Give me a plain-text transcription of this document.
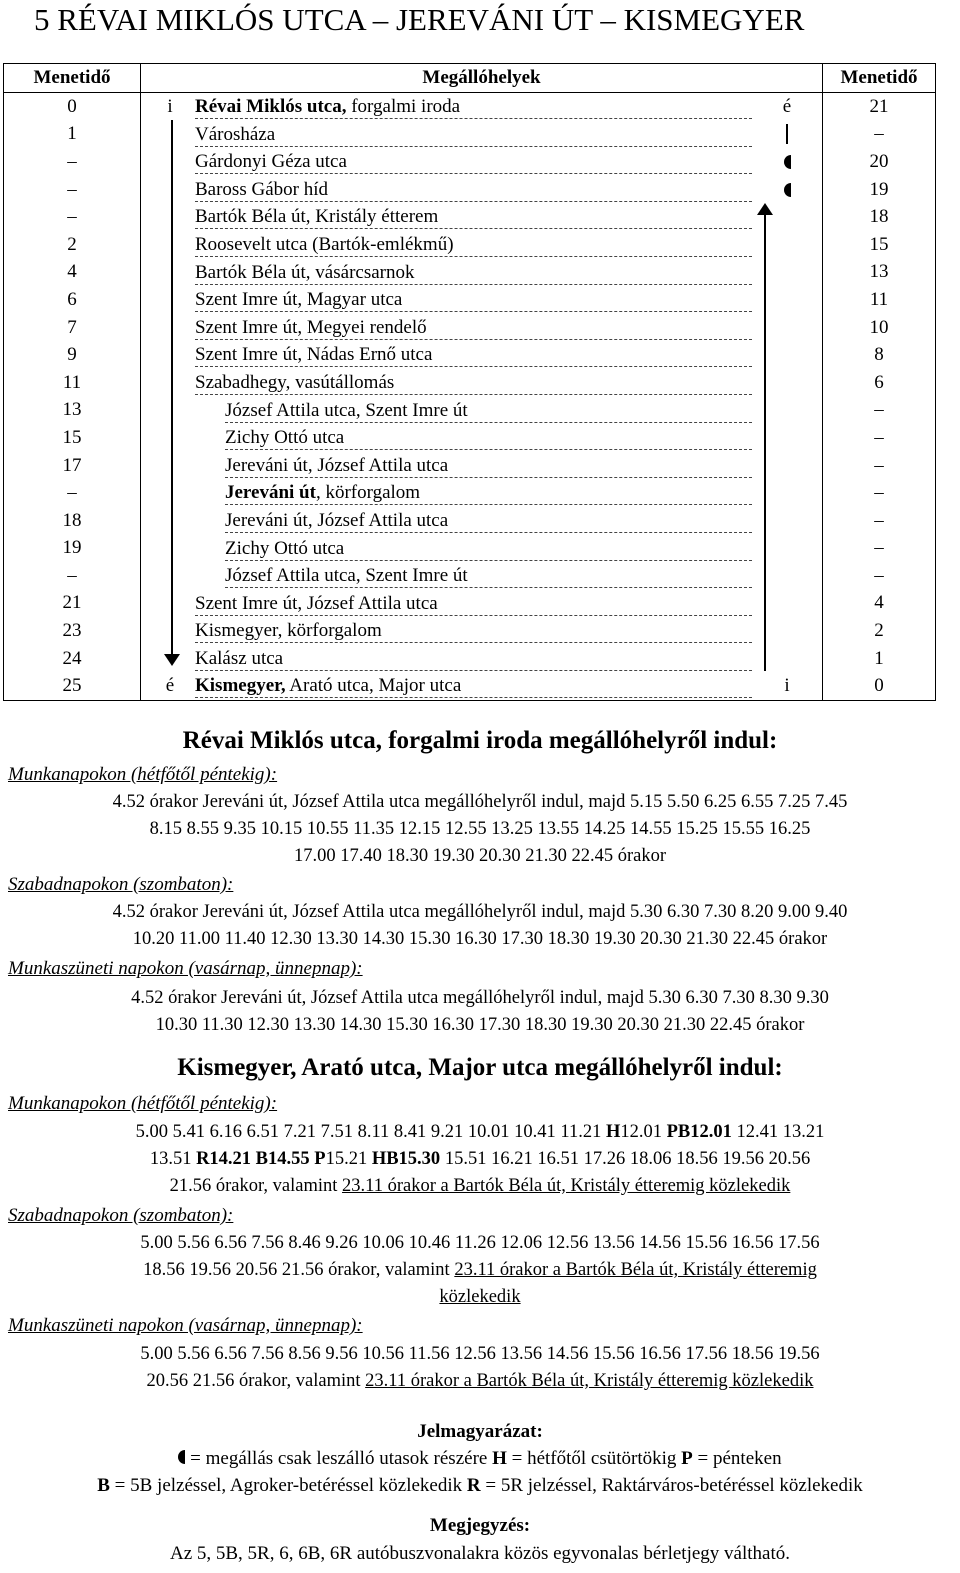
5 RÉVAI MIKLÓS UTCA – JEREVÁNI ÚT – KISMEGYER
Menetidő	Megállóhelyek	Menetidő
0	i Révai Miklós utca, forgalmi iroda é	21
1	Városháza	–
–	Gárdonyi Géza utca	20
–	Baross Gábor híd	19
–	Bartók Béla út, Kristály étterem	18
2	Roosevelt utca (Bartók-emlékmű)	15
4	Bartók Béla út, vásárcsarnok	13
6	Szent Imre út, Magyar utca	11
7	Szent Imre út, Megyei rendelő	10
9	Szent Imre út, Nádas Ernő utca	8
11	Szabadhegy, vasútállomás	6
13	József Attila utca, Szent Imre út	–
15	Zichy Ottó utca	–
17	Jereváni út, József Attila utca	–
–	Jereváni út, körforgalom	–
18	Jereváni út, József Attila utca	–
19	Zichy Ottó utca	–
–	József Attila utca, Szent Imre út	–
21	Szent Imre út, József Attila utca	4
23	Kismegyer, körforgalom	2
24	Kalász utca	1
25	é Kismegyer, Arató utca, Major utca i	0
Révai Miklós utca, forgalmi iroda megállóhelyről indul:
Munkanapokon (hétfőtől péntekig):
4.52 órakor Jereváni út, József Attila utca megállóhelyről indul, majd 5.15 5.50 6.25 6.55 7.25 7.45
8.15 8.55 9.35 10.15 10.55 11.35 12.15 12.55 13.25 13.55 14.25 14.55 15.25 15.55 16.25
17.00 17.40 18.30 19.30 20.30 21.30 22.45 órakor
Szabadnapokon (szombaton):
4.52 órakor Jereváni út, József Attila utca megállóhelyről indul, majd 5.30 6.30 7.30 8.20 9.00 9.40
10.20 11.00 11.40 12.30 13.30 14.30 15.30 16.30 17.30 18.30 19.30 20.30 21.30 22.45 órakor
Munkaszüneti napokon (vasárnap, ünnepnap):
4.52 órakor Jereváni út, József Attila utca megállóhelyről indul, majd 5.30 6.30 7.30 8.30 9.30
10.30 11.30 12.30 13.30 14.30 15.30 16.30 17.30 18.30 19.30 20.30 21.30 22.45 órakor
Kismegyer, Arató utca, Major utca megállóhelyről indul:
Munkanapokon (hétfőtől péntekig):
5.00 5.41 6.16 6.51 7.21 7.51 8.11 8.41 9.21 10.01 10.41 11.21 H12.01 PB12.01 12.41 13.21
13.51 R14.21 B14.55 P15.21 HB15.30 15.51 16.21 16.51 17.26 18.06 18.56 19.56 20.56
21.56 órakor, valamint 23.11 órakor a Bartók Béla út, Kristály étteremig közlekedik
Szabadnapokon (szombaton):
5.00 5.56 6.56 7.56 8.46 9.26 10.06 10.46 11.26 12.06 12.56 13.56 14.56 15.56 16.56 17.56
18.56 19.56 20.56 21.56 órakor, valamint 23.11 órakor a Bartók Béla út, Kristály étteremig
közlekedik
Munkaszüneti napokon (vasárnap, ünnepnap):
5.00 5.56 6.56 7.56 8.56 9.56 10.56 11.56 12.56 13.56 14.56 15.56 16.56 17.56 18.56 19.56
20.56 21.56 órakor, valamint 23.11 órakor a Bartók Béla út, Kristály étteremig közlekedik
Jelmagyarázat:
= megállás csak leszálló utasok részére H = hétfőtől csütörtökig P = pénteken
B = 5B jelzéssel, Agroker-betéréssel közlekedik R = 5R jelzéssel, Raktárváros-betéréssel közlekedik
Megjegyzés:
Az 5, 5B, 5R, 6, 6B, 6R autóbuszvonalakra közös egyvonalas bérletjegy váltható.
